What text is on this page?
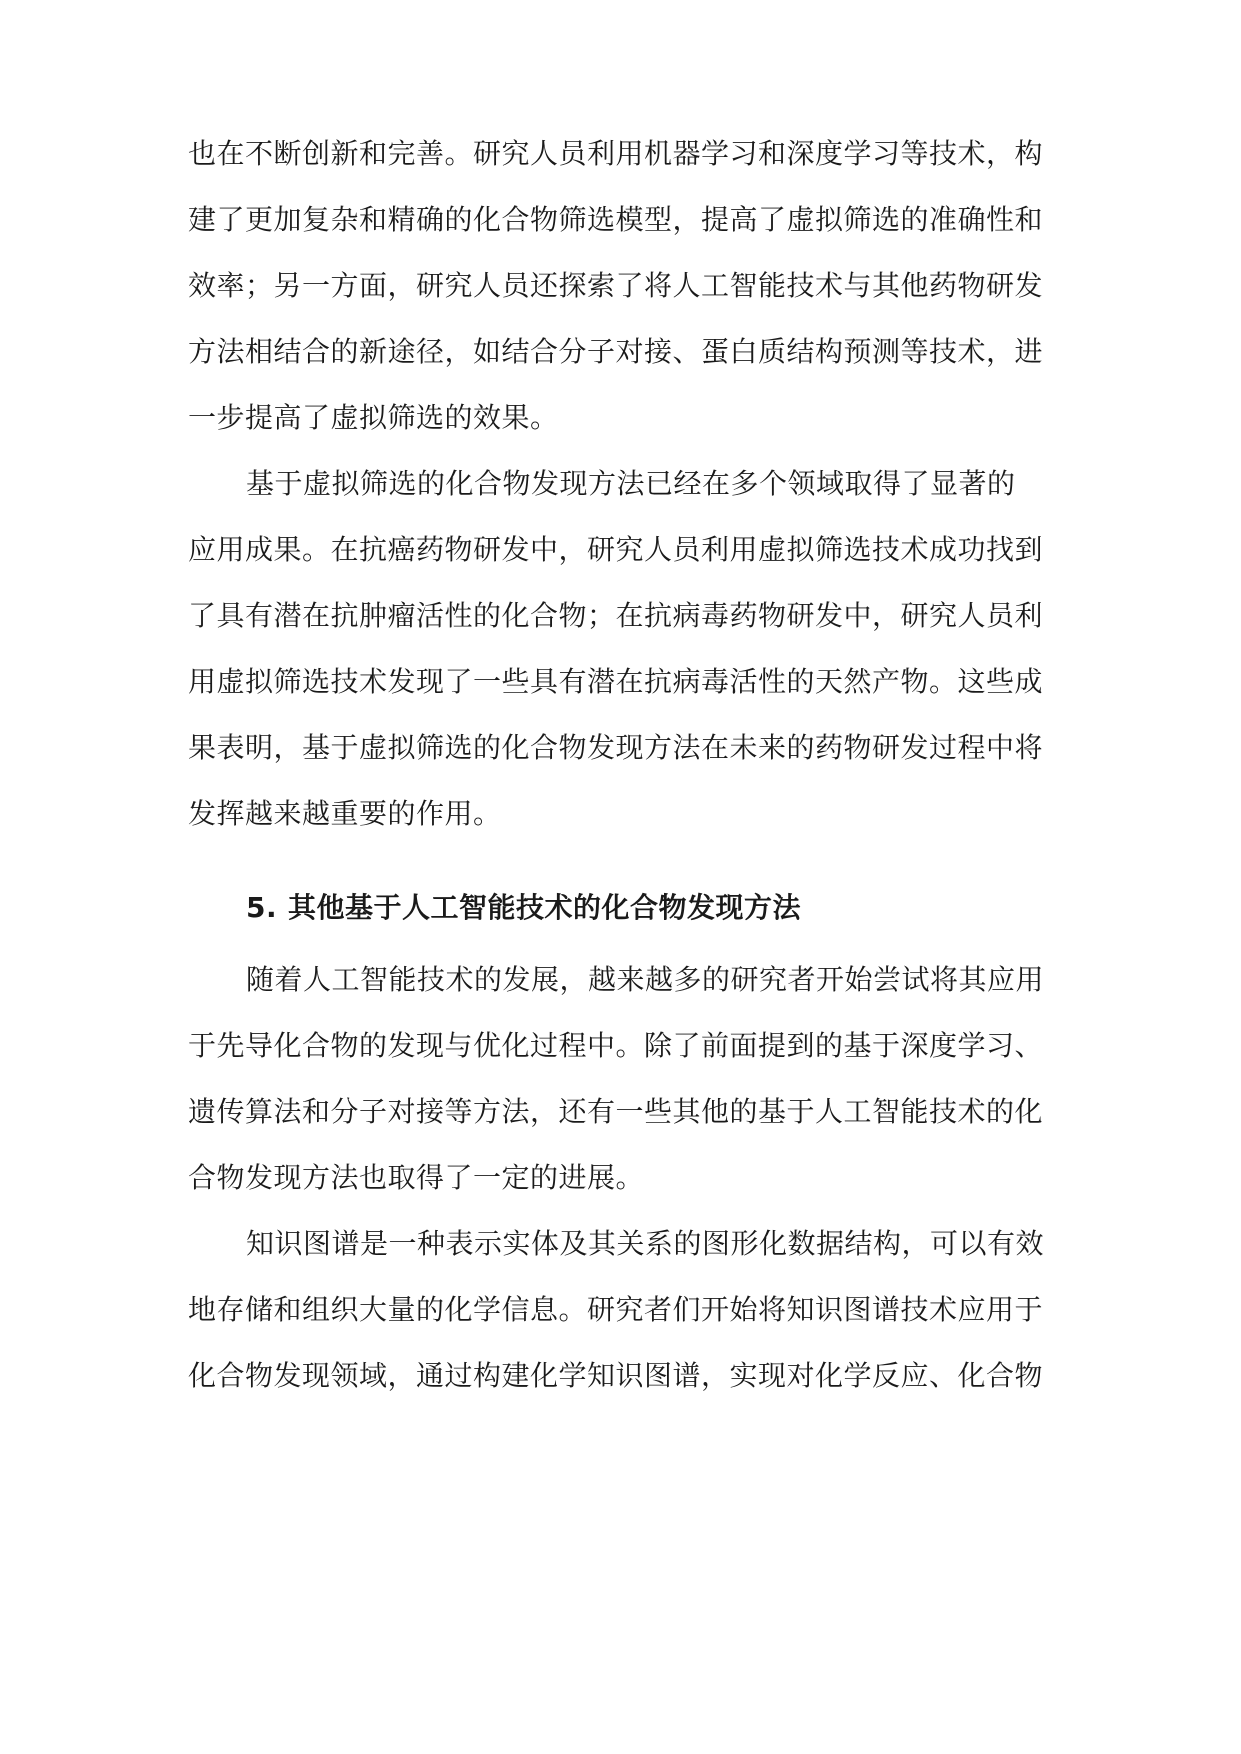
也在不断创新和完善。研究人员利用机器学习和深度学习等技术，构

建了更加复杂和精确的化合物筛选模型，提高了虚拟筛选的准确性和

效率；另一方面，研究人员还探索了将人工智能技术与其他药物研发

方法相结合的新途径，如结合分子对接、蛋白质结构预测等技术，进

一步提高了虚拟筛选的效果。

基于虚拟筛选的化合物发现方法已经在多个领域取得了显著的

应用成果。在抗癌药物研发中，研究人员利用虚拟筛选技术成功找到

了具有潜在抗肿瘤活性的化合物；在抗病毒药物研发中，研究人员利

用虚拟筛选技术发现了一些具有潜在抗病毒活性的天然产物。这些成

果表明，基于虚拟筛选的化合物发现方法在未来的药物研发过程中将

发挥越来越重要的作用。

5. 其他基于人工智能技术的化合物发现方法

随着人工智能技术的发展，越来越多的研究者开始尝试将其应用

于先导化合物的发现与优化过程中。除了前面提到的基于深度学习、

遗传算法和分子对接等方法，还有一些其他的基于人工智能技术的化

合物发现方法也取得了一定的进展。

知识图谱是一种表示实体及其关系的图形化数据结构，可以有效

地存储和组织大量的化学信息。研究者们开始将知识图谱技术应用于

化合物发现领域，通过构建化学知识图谱，实现对化学反应、化合物
